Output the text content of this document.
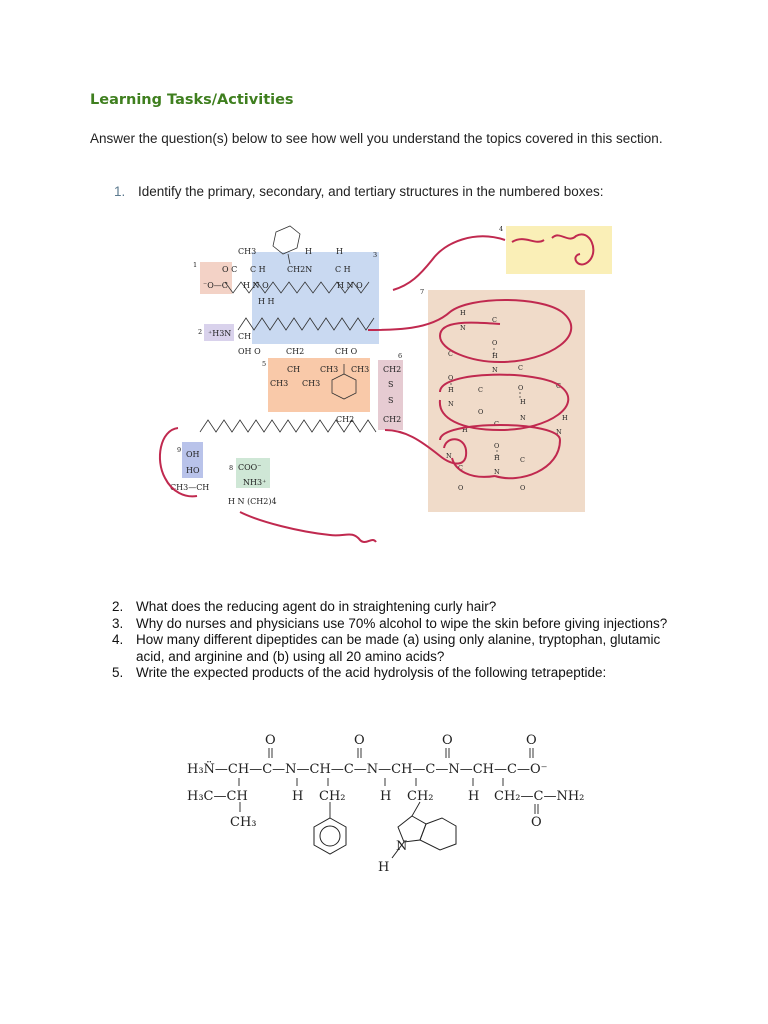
Learning Tasks/Activities

Answer the question(s) below to see how well you understand the topics covered in this section.

1. Identify the primary, secondary, and tertiary structures in the numbered boxes:

1
2
3
4
5
6
7
8
9
CH3	H	H
O C C H	CH2N	C H
⁻O—C H N O	H N O
H H
⁺H3N CH
OH O	CH2	CH O
CH CH3 CH3
CH3 CH3
CH2
S
S
CH2
CH2
OH
HO	COO⁻
NH3⁺
CH3—CH
H N (CH2)4
H
N
C
O
H
N	C
O
C
O
H
N
C
O
H
N
C
O
H
N
C
H
N
H
N
C
O
C
O
2. What does the reducing agent do in straightening curly hair?
3. Why do nurses and physicians use 70% alcohol to wipe the skin before giving injections?
4. How many different dipeptides can be made (a) using only alanine, tryptophan, glutamic acid, and arginine and (b) using all 20 amino acids?
5. Write the expected products of the acid hydrolysis of the following tetrapeptide:
O	O	O	O
H₃N̈—CH—C—N—CH—C—N—CH—C—N—CH—C—O⁻
H₃C—CH
CH₃
H CH₂	H CH₂	H CH₂—C—NH₂
O
N
H
